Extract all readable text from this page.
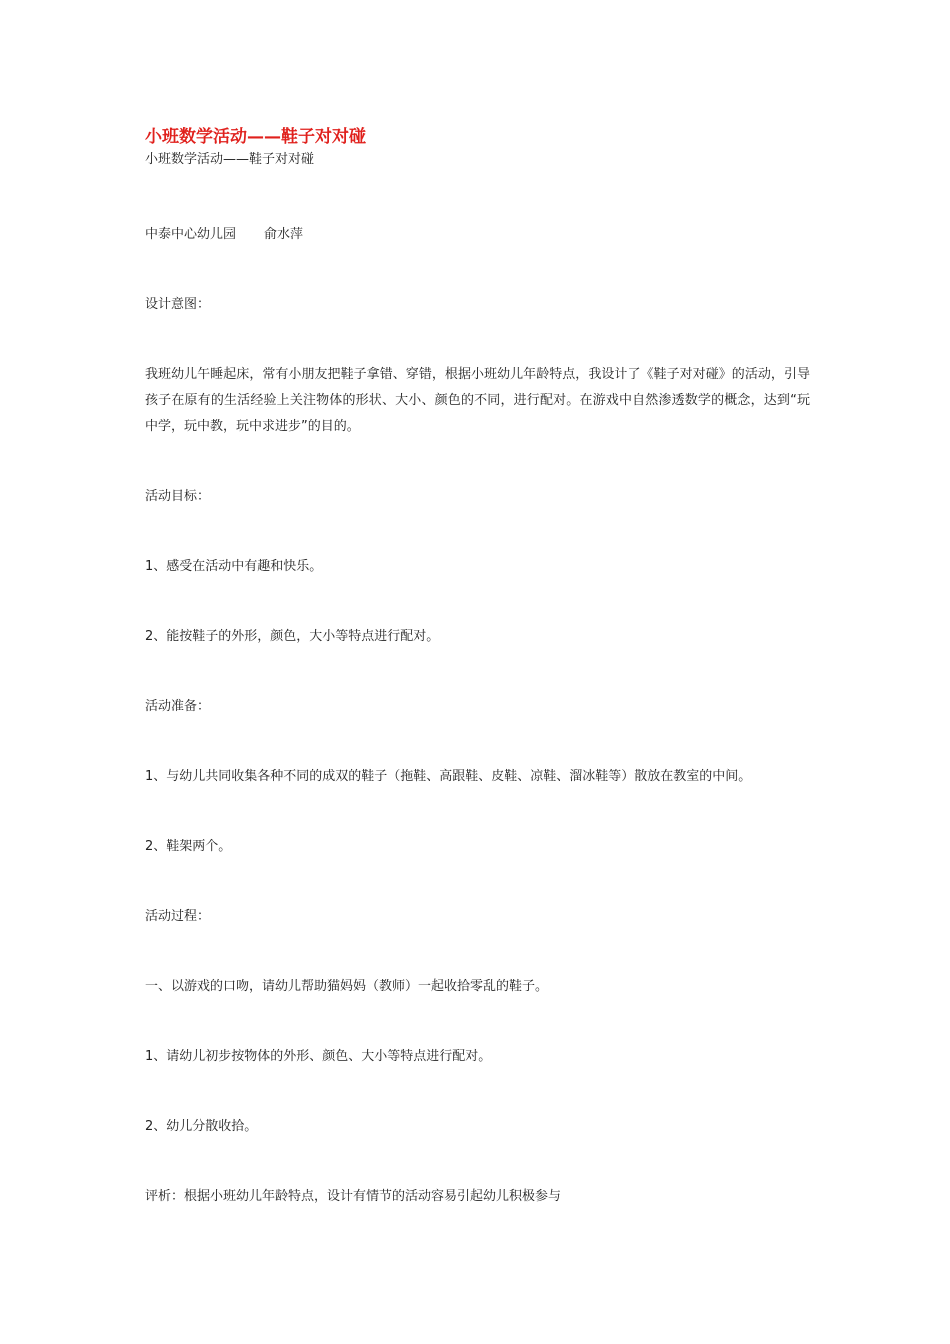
小班数学活动——鞋子对对碰

小班数学活动——鞋子对对碰

中泰中心幼儿园 俞水萍

设计意图：

我班幼儿午睡起床，常有小朋友把鞋子拿错、穿错，根据小班幼儿年龄特点，我设计了《鞋子对对碰》的活动，引导孩子在原有的生活经验上关注物体的形状、大小、颜色的不同，进行配对。在游戏中自然渗透数学的概念，达到“玩中学，玩中教，玩中求进步”的目的。

活动目标：

1、感受在活动中有趣和快乐。

2、能按鞋子的外形，颜色，大小等特点进行配对。

活动准备：

1、与幼儿共同收集各种不同的成双的鞋子（拖鞋、高跟鞋、皮鞋、凉鞋、溜冰鞋等）散放在教室的中间。

2、鞋架两个。

活动过程：

一、以游戏的口吻，请幼儿帮助猫妈妈（教师）一起收拾零乱的鞋子。

1、请幼儿初步按物体的外形、颜色、大小等特点进行配对。

2、幼儿分散收拾。

评析：根据小班幼儿年龄特点，设计有情节的活动容易引起幼儿积极参与
